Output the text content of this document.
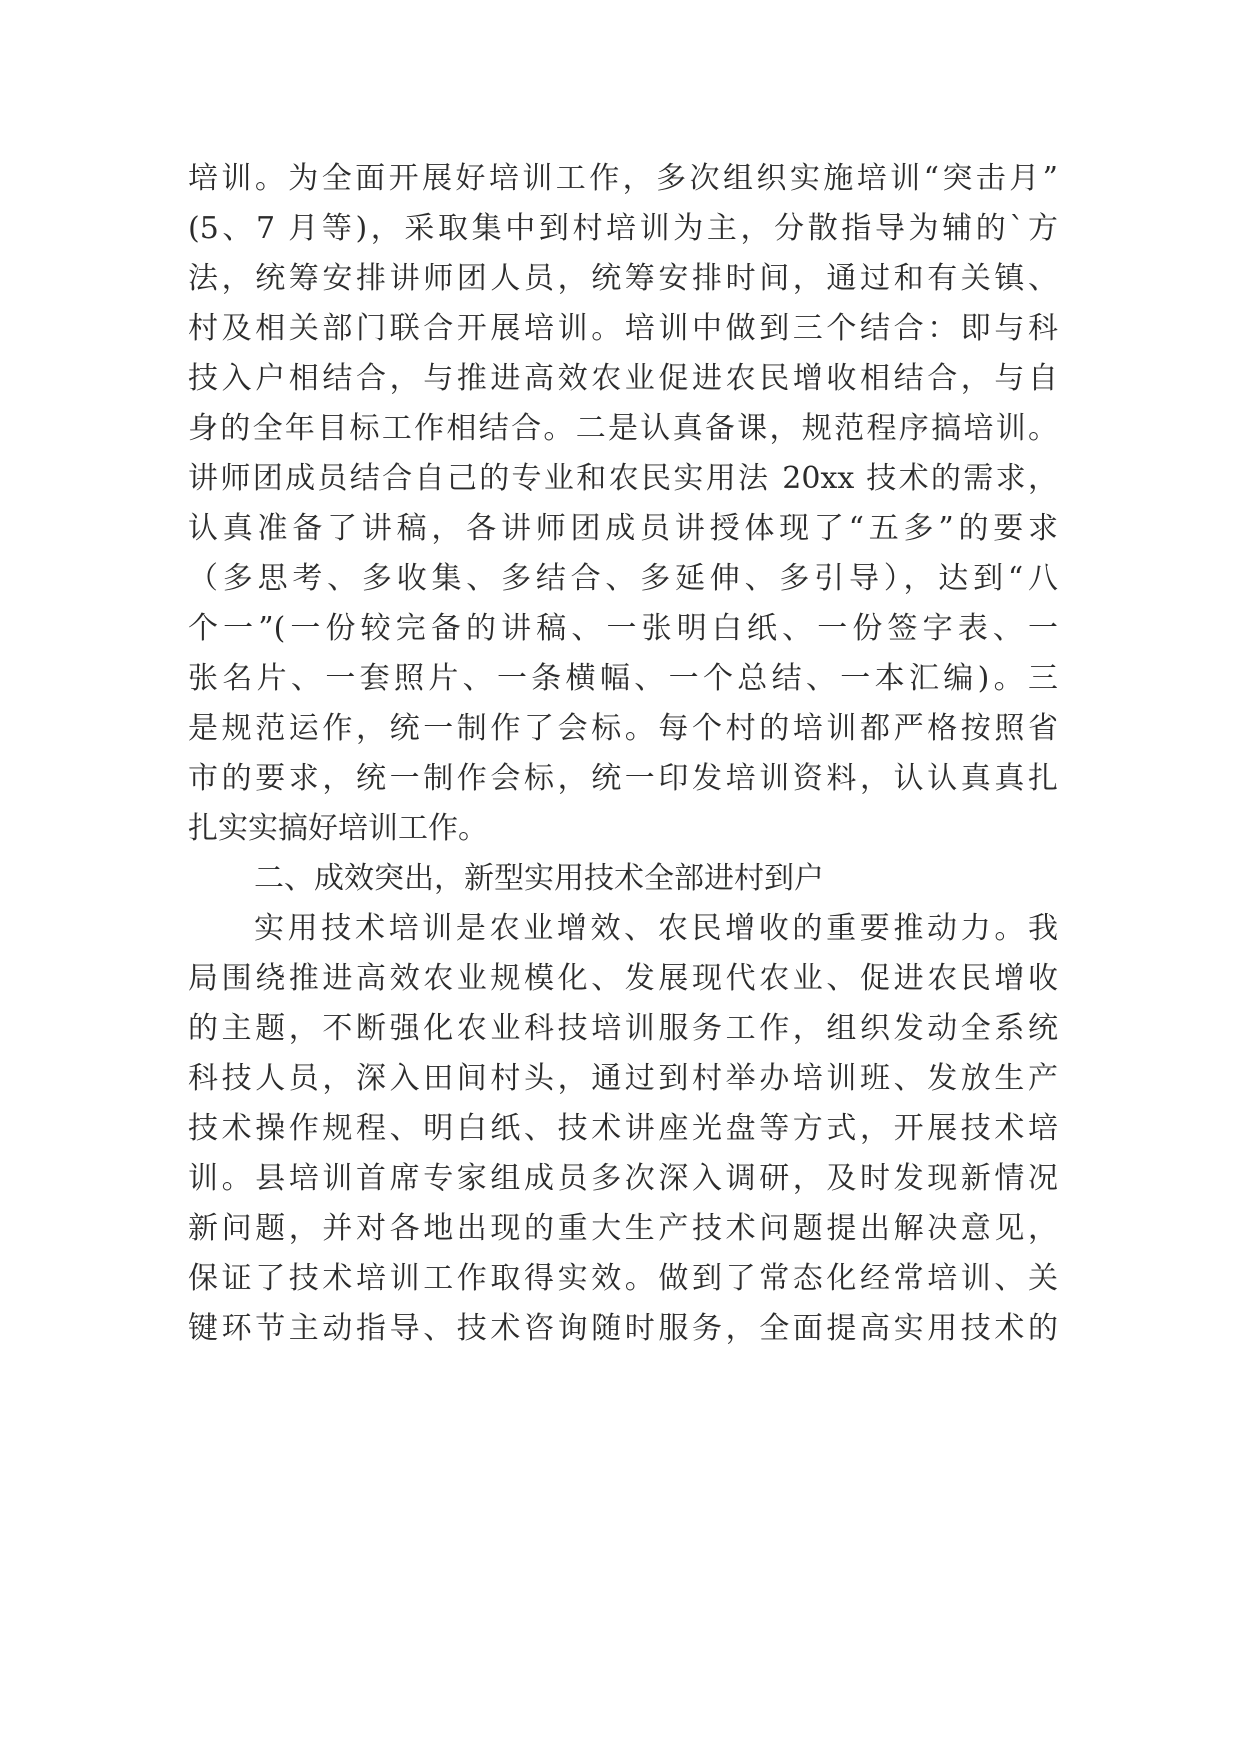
培训。为全面开展好培训工作，多次组织实施培训“突击月”
(5、7 月等)，采取集中到村培训为主，分散指导为辅的`方
法，统筹安排讲师团人员，统筹安排时间，通过和有关镇、
村及相关部门联合开展培训。培训中做到三个结合：即与科
技入户相结合，与推进高效农业促进农民增收相结合，与自
身的全年目标工作相结合。二是认真备课，规范程序搞培训。
讲师团成员结合自己的专业和农民实用法 20xx 技术的需求，
认真准备了讲稿，各讲师团成员讲授体现了“五多”的要求
（多思考、多收集、多结合、多延伸、多引导），达到“八
个一”(一份较完备的讲稿、一张明白纸、一份签字表、一
张名片、一套照片、一条横幅、一个总结、一本汇编)。三
是规范运作，统一制作了会标。每个村的培训都严格按照省
市的要求，统一制作会标，统一印发培训资料，认认真真扎
扎实实搞好培训工作。
二、成效突出，新型实用技术全部进村到户
实用技术培训是农业增效、农民增收的重要推动力。我
局围绕推进高效农业规模化、发展现代农业、促进农民增收
的主题，不断强化农业科技培训服务工作，组织发动全系统
科技人员，深入田间村头，通过到村举办培训班、发放生产
技术操作规程、明白纸、技术讲座光盘等方式，开展技术培
训。县培训首席专家组成员多次深入调研，及时发现新情况
新问题，并对各地出现的重大生产技术问题提出解决意见，
保证了技术培训工作取得实效。做到了常态化经常培训、关
键环节主动指导、技术咨询随时服务，全面提高实用技术的
